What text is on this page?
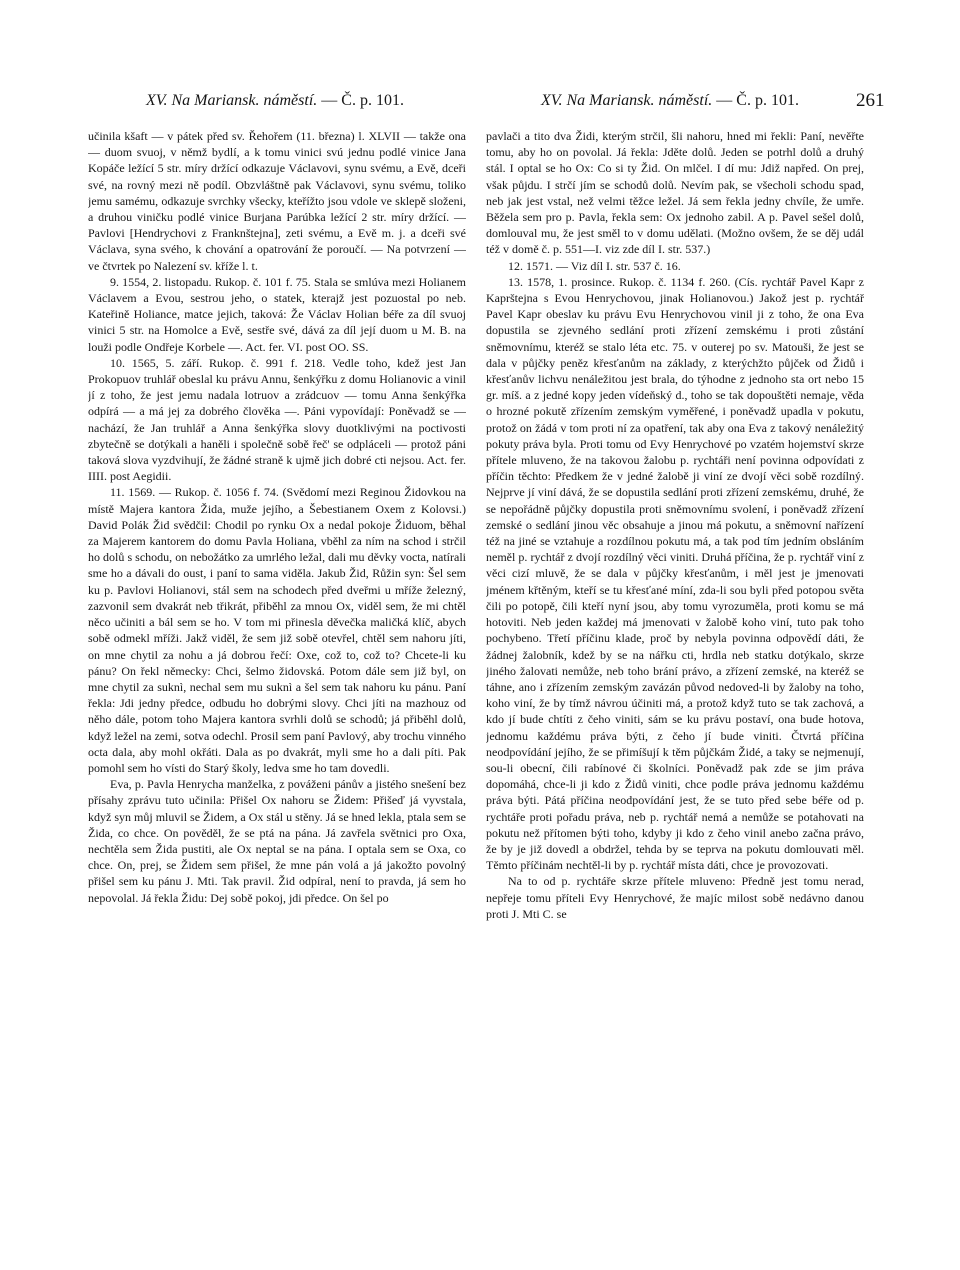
XV. Na Mariansk. náměstí. — Č. p. 101.	XV. Na Mariansk. náměstí. — Č. p. 101.	261

učinila kšaft — v pátek před sv. Řehořem (11. března) l. XLVII — takže ona — duom svuoj, v němž bydlí, a k tomu vinici svú jednu podlé vinice Jana Kopáče ležící 5 str. míry držící odkazuje Václavovi, synu svému, a Evě, dceři své, na rovný mezi ně podíl. Obzvláštně pak Václavovi, synu svému, toliko jemu samému, odkazuje svrchky všecky, kteřížto jsou vdole ve sklepě složeni, a druhou viničku podlé vinice Burjana Parúbka ležící 2 str. míry držící. — Pavlovi [Hendrychovi z Franknštejna], zeti svému, a Evě m. j. a dceři své Václava, syna svého, k chování a opatrování že poroučí. — Na potvrzení — ve čtvrtek po Nalezení sv. kříže l. t.

9. 1554, 2. listopadu. Rukop. č. 101 f. 75. Stala se smlúva mezi Holianem Václavem a Evou, sestrou jeho, o statek, kterajž jest pozuostal po neb. Kateřině Holiance, matce jejich, taková: Že Václav Holian béře za díl svuoj vinici 5 str. na Homolce a Evě, sestře své, dává za díl její duom u M. B. na louži podle Ondřeje Korbele —. Act. fer. VI. post OO. SS.

10. 1565, 5. září. Rukop. č. 991 f. 218. Vedle toho, kdež jest Jan Prokopuov truhlář obeslal ku právu Annu, šenkýřku z domu Holianovic a vinil jí z toho, že jest jemu nadala lotruov a zrádcuov — tomu Anna šenkýřka odpírá — a má jej za dobrého člověka —. Páni vypovídají: Poněvadž se — nachází, že Jan truhlář a Anna šenkýřka slovy duotklivými na poctivosti zbytečně se dotýkali a haněli i společně sobě řeč' se odpláceli — protož páni taková slova vyzdvihují, že žádné straně k ujmě jich dobré cti nejsou. Act. fer. IIII. post Aegidii.

11. 1569. — Rukop. č. 1056 f. 74. (Svědomí mezi Reginou Židovkou na místě Majera kantora Žida, muže jejího, a Šebestianem Oxem z Kolovsi.) David Polák Žid svědčil: Chodil po rynku Ox a nedal pokoje Židuom, běhal za Majerem kantorem do domu Pavla Holiana, vběhl za ním na schod i strčil ho dolů s schodu, on nebožátko za umrlého ležal, dali mu děvky vocta, natírali sme ho a dávali do oust, i paní to sama viděla. Jakub Žid, Růžin syn: Šel sem ku p. Pavlovi Holianovi, stál sem na schodech před dveřmi u mříže železný, zazvonil sem dvakrát neb třikrát, přiběhl za mnou Ox, viděl sem, že mi chtěl něco učiniti a bál sem se ho. V tom mi přinesla děvečka maličká klíč, abych sobě odmekl mříži. Jakž viděl, že sem již sobě otevřel, chtěl sem nahoru jíti, on mne chytil za nohu a já dobrou řečí: Oxe, což to, což to? Chcete-li ku pánu? On řekl německy: Chci, šelmo židovská. Potom dále sem již byl, on mne chytil za suknì, nechal sem mu suknì a šel sem tak nahoru ku pánu. Paní řekla: Jdi jedny předce, odbudu ho dobrými slovy. Chci jíti na mazhouz od něho dále, potom toho Majera kantora svrhli dolů se schodů; já přiběhl dolů, když ležel na zemi, sotva odechl. Prosil sem paní Pavlový, aby trochu vinného octa dala, aby mohl okřáti. Dala as po dvakrát, myli sme ho a dali píti. Pak pomohl sem ho vísti do Starý školy, ledva sme ho tam dovedli.

Eva, p. Pavla Henrycha manželka, z pováženi pánův a jistého snešení bez přísahy zprávu tuto učinila: Přišel Ox nahoru se Židem: Přišeď já vyvstala, když syn můj mluvil se Židem, a Ox stál u stěny. Já se hned lekla, ptala sem se Žida, co chce. On pověděl, že se ptá na pána. Já zavřela světnici pro Oxa, nechtěla sem Žida pustiti, ale Ox neptal se na pána. I optala sem se Oxa, co chce. On, prej, se Židem sem přišel, že mne pán volá a já jakožto povolný přišel sem ku pánu J. Mti. Tak pravil. Žid odpíral, není to pravda, já sem ho nepovolal. Já řekla Židu: Dej sobě pokoj, jdi předce. On šel po

pavlači a tito dva Židi, kterým strčil, šli nahoru, hned mi řekli: Paní, nevěřte tomu, aby ho on povolal. Já řekla: Jděte dolů. Jeden se potrhl dolů a druhý stál. I optal se ho Ox: Co si ty Žid. On mlčel. I dí mu: Jdiž napřed. On prej, však půjdu. I strčí jím se schodů dolů. Nevím pak, se všecholi schodu spad, neb jak jest vstal, než velmi těžce ležel. Já sem řekla jedny chvíle, že umře. Běžela sem pro p. Pavla, řekla sem: Ox jednoho zabil. A p. Pavel sešel dolů, domlouval mu, že jest směl to v domu udělati. (Možno ovšem, že se děj udál též v domě č. p. 551—I. viz zde díl I. str. 537.)

12. 1571. — Viz díl I. str. 537 č. 16.

13. 1578, 1. prosince. Rukop. č. 1134 f. 260. (Cís. rychtář Pavel Kapr z Kaprštejna s Evou Henrychovou, jinak Holianovou.) Jakož jest p. rychtář Pavel Kapr obeslav ku právu Evu Henrychovou vinil ji z toho, že ona Eva dopustila se zjevného sedlání proti zřízení zemskému i proti zůstání sněmovnímu, kteréž se stalo léta etc. 75. v outerej po sv. Matouši, že jest se dala v půjčky peněz křesťanům na základy, z kterýchžto půjček od Židů i křesťanův lichvu nenáležitou jest brala, do týhodne z jednoho sta ort nebo 15 gr. míš. a z jedné kopy jeden vídeňský d., toho se tak dopouštěti nemaje, věda o hrozné pokutě zřízením zemským vyměřené, i poněvadž upadla v pokutu, protož on žádá v tom proti ní za opatření, tak aby ona Eva z takový nenáležitý pokuty práva byla. Proti tomu od Evy Henrychové po vzatém hojemství skrze přítele mluveno, že na takovou žalobu p. rychtáři není povinna odpovídati z příčin těchto: Předkem že v jedné žalobě ji viní ze dvojí věci sobě rozdílný. Nejprve jí viní dává, že se dopustila sedlání proti zřízení zemskému, druhé, že se nepořádně půjčky dopustila proti sněmovnímu svolení, i poněvadž zřízení zemské o sedlání jinou věc obsahuje a jinou má pokutu, a sněmovní nařízení též na jiné se vztahuje a rozdílnou pokutu má, a tak pod tím jedním obsláním neměl p. rychtář z dvojí rozdílný věci viniti. Druhá příčina, že p. rychtář viní z věci cizí mluvě, že se dala v půjčky křesťanům, i měl jest je jmenovati jménem křtěným, kteří se tu křesťané míní, zda-li sou byli před potopou světa čili po potopě, čili kteří nyní jsou, aby tomu vyrozuměla, proti komu se má hotoviti. Neb jeden každej má jmenovati v žalobě koho viní, tuto pak toho pochybeno. Třetí příčinu klade, proč by nebyla povinna odpovědí dáti, že žádnej žalobník, kdež by se na nářku cti, hrdla neb statku dotýkalo, skrze jiného žalovati nemůže, neb toho brání právo, a zřízení zemské, na kteréž se táhne, ano i zřízením zemským zavázán původ nedoved-li by žaloby na toho, koho viní, že by tímž návrou účiniti má, a protož když tuto se tak zachová, a kdo jí bude chtíti z čeho viniti, sám se ku právu postaví, ona bude hotova, jednomu každému práva býti, z čeho jí bude viniti. Čtvrtá příčina neodpovídání jejího, že se přimíšují k těm půjčkám Židé, a taky se nejmenují, sou-li obecní, čili rabínové či školníci. Poněvadž pak zde se jim práva dopomáhá, chce-li ji kdo z Židů viniti, chce podle práva jednomu každému práva býti. Pátá příčina neodpovídání jest, že se tuto před sebe béře od p. rychtáře proti pořadu práva, neb p. rychtář nemá a nemůže se potahovati na pokutu než přítomen býti toho, kdyby ji kdo z čeho vinil anebo začna právo, že by je již dovedl a obdržel, tehda by se teprva na pokutu domlouvati měl. Těmto příčinám nechtěl-li by p. rychtář místa dáti, chce je provozovati.

Na to od p. rychtáře skrze přítele mluveno: Předně jest tomu nerad, nepřeje tomu příteli Evy Henrychové, že majíc milost sobě nedávno danou proti J. Mti C. se
